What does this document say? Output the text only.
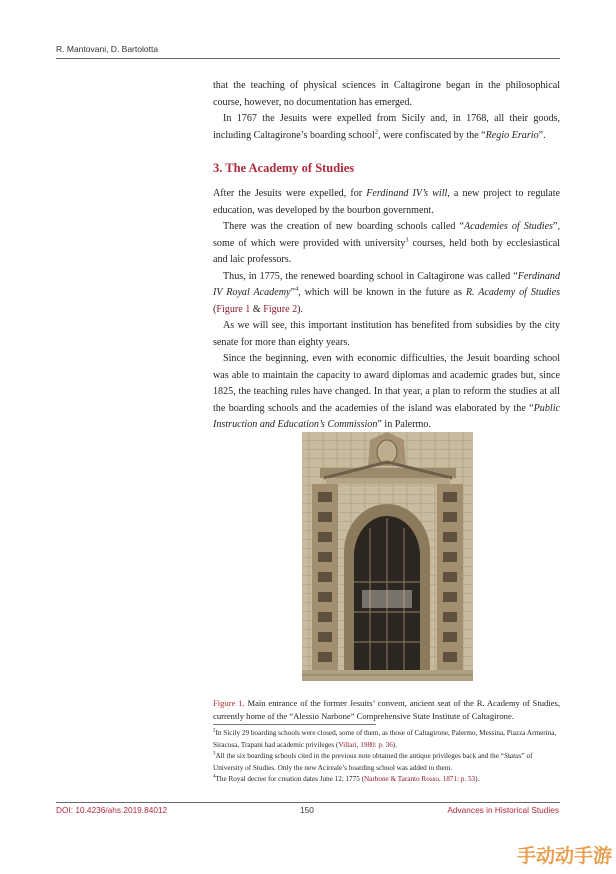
R. Mantovani, D. Bartolotta

that the teaching of physical sciences in Caltagirone began in the philosophical course, however, no documentation has emerged.

In 1767 the Jesuits were expelled from Sicily and, in 1768, all their goods, including Caltagirone’s boarding school$^2$, were confiscated by the “Regio Erario”.

3. The Academy of Studies

After the Jesuits were expelled, for Ferdinand IV’s will, a new project to regulate education, was developed by the bourbon government.

There was the creation of new boarding schools called “Academies of Studies”, some of which were provided with university$^3$ courses, held both by ecclesiastical and laic professors.

Thus, in 1775, the renewed boarding school in Caltagirone was called “Ferdinand IV Royal Academy”$^4$, which will be known in the future as R. Academy of Studies (Figure 1 & Figure 2).

As we will see, this important institution has benefited from subsidies by the city senate for more than eighty years.

Since the beginning, even with economic difficulties, the Jesuit boarding school was able to maintain the capacity to award diplomas and academic grades but, since 1825, the teaching rules have changed. In that year, a plan to reform the studies at all the boarding schools and the academies of the island was elaborated by the “Public Instruction and Education’s Commission” in Palermo.

Figure 1. Main entrance of the former Jesuits’ convent, ancient seat of the R. Academy of Studies, currently home of the “Alessio Narbone” Comprehensive State Institute of Caltagirone.

$^2$In Sicily 29 boarding schools were closed, some of them, as those of Caltagirone, Palermo, Messina, Piazza Armerina, Siracusa, Trapani had academic privileges (Villari, 1980: p. 36).

$^3$All the six boarding schools cited in the previous note obtained the antique privileges back and the “Status” of University of Studies. Only the new Acireale’s boarding school was added to them.

$^4$The Royal decree for creation dates June 12, 1775 (Narbone & Taranto Rosso, 1871: p. 53).

DOI: 10.4236/ahs.2019.84012	150	Advances in Historical Studies
手动动手游
